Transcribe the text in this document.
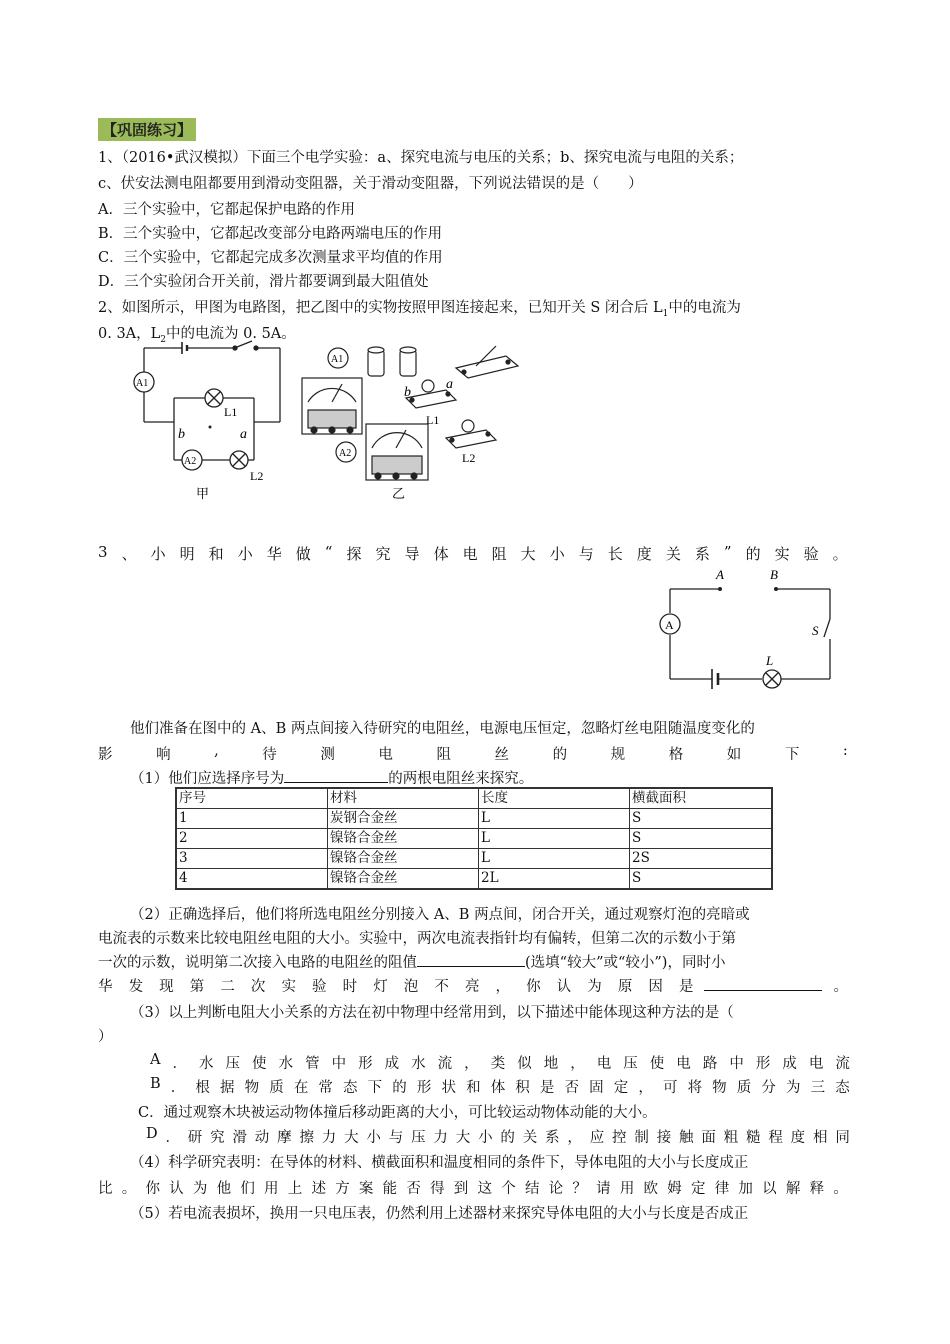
【巩固练习】
1、（2016•武汉模拟）下面三个电学实验：a、探究电流与电压的关系；b、探究电流与电阻的关系；
c、伏安法测电阻都要用到滑动变阻器，关于滑动变阻器，下列说法错误的是（　　）
A．三个实验中，它都起保护电路的作用
B．三个实验中，它都起改变部分电路两端电压的作用
C．三个实验中，它都起完成多次测量求平均值的作用
D．三个实验闭合开关前，滑片都要调到最大阻值处
2、如图所示，甲图为电路图，把乙图中的实物按照甲图连接起来，已知开关 S 闭合后 $L_1$中的电流为
0. 3A，$L_2$中的电流为 0. 5A。
A1
A2
L1
L2
b	a
甲
A1
A2
b
a
L1
L2
乙
3 、 小 明 和 小 华 做 “ 探 究 导 体 电 阻 大 小 与 长 度 关 系 ” 的 实 验 。
A
A	B
S
L
他们准备在图中的 A、B 两点间接入待研究的电阻丝，电源电压恒定，忽略灯丝电阻随温度变化的
影	响	,	待	测	电	阻	丝	的	规	格	如	下	:
（1）他们应选择序号为	的两根电阻丝来探究。
序号	材料	长度	横截面积
1	炭钢合金丝	L	S
2	镍铬合金丝	L	S
3	镍铬合金丝	L	2S
4	镍铬合金丝	2L	S
（2）正确选择后，他们将所选电阻丝分别接入 A、B 两点间，闭合开关，通过观察灯泡的亮暗或
电流表的示数来比较电阻丝电阻的大小。实验中，两次电流表指针均有偏转，但第二次的示数小于第
一次的示数，说明第二次接入电路的电阻丝的阻值	(选填“较大”或“较小”)，同时小
华 发 现 第 二 次 实 验 时 灯 泡 不 亮 ， 你 认 为 原 因 是	。
（3）以上判断电阻大小关系的方法在初中物理中经常用到，以下描述中能体现这种方法的是（
）
A ． 水 压 使 水 管 中 形 成 水 流 ， 类 似 地 ， 电 压 使 电 路 中 形 成 电 流
B ． 根 据 物 质 在 常 态 下 的 形 状 和 体 积 是 否 固 定 ， 可 将 物 质 分 为 三 态
C．通过观察木块被运动物体撞后移动距离的大小，可比较运动物体动能的大小。
D ． 研 究 滑 动 摩 擦 力 大 小 与 压 力 大 小 的 关 系 ， 应 控 制 接 触 面 粗 糙 程 度 相 同
（4）科学研究表明：在导体的材料、横截面积和温度相同的条件下，导体电阻的大小与长度成正
比 。 你 认 为 他 们 用 上 述 方 案 能 否 得 到 这 个 结 论 ？ 请 用 欧 姆 定 律 加 以 解 释 。
（5）若电流表损坏，换用一只电压表，仍然利用上述器材来探究导体电阻的大小与长度是否成正
